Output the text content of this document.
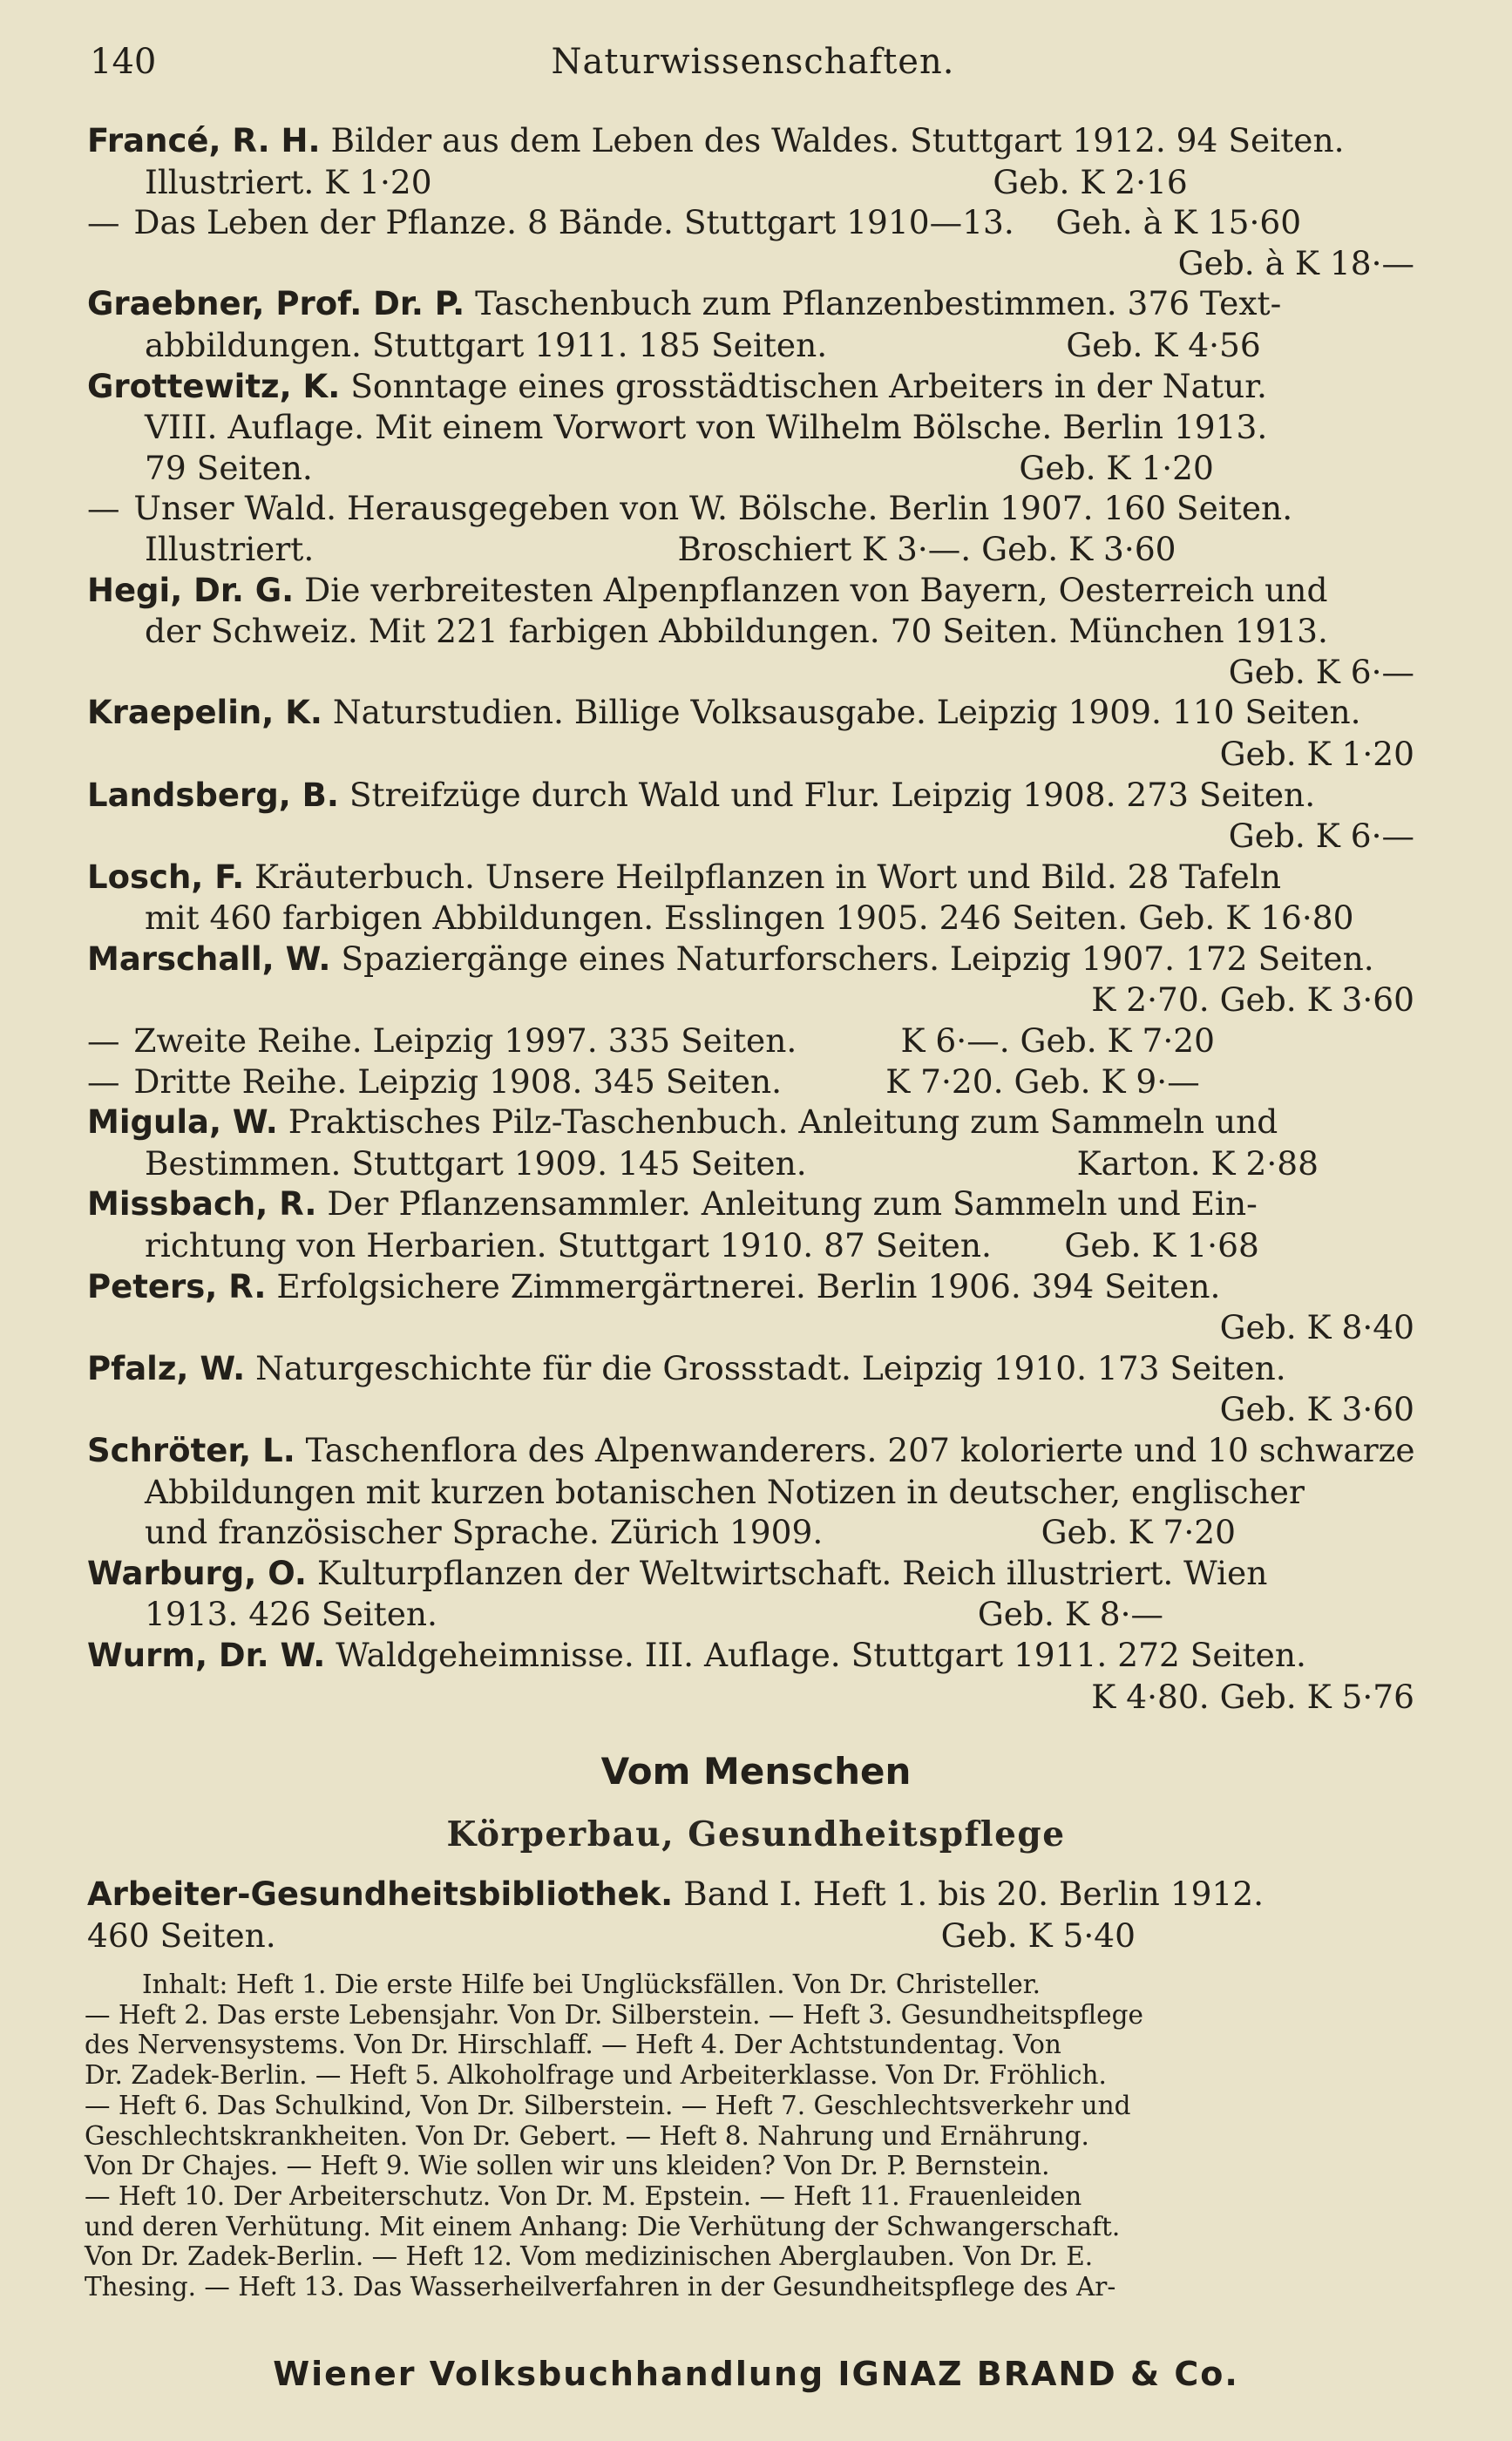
140	Naturwissenschaften.
Francé, R. H. Bilder aus dem Leben des Waldes. Stuttgart 1912. 94 Seiten.
Illustriert. K 1·20                                                      Geb. K 2·16
— Das Leben der Pflanze. 8 Bände. Stuttgart 1910—13.    Geh. à K 15·60
Geb. à K 18·—
Graebner, Prof. Dr. P. Taschenbuch zum Pflanzenbestimmen. 376 Text-
abbildungen. Stuttgart 1911. 185 Seiten.                       Geb. K 4·56
Grottewitz, K. Sonntage eines grosstädtischen Arbeiters in der Natur.
VIII. Auflage. Mit einem Vorwort von Wilhelm Bölsche. Berlin 1913.
79 Seiten.                                                                    Geb. K 1·20
— Unser Wald. Herausgegeben von W. Bölsche. Berlin 1907. 160 Seiten.
Illustriert.                                   Broschiert K 3·—. Geb. K 3·60
Hegi, Dr. G. Die verbreitesten Alpenpflanzen von Bayern, Oesterreich und
der Schweiz. Mit 221 farbigen Abbildungen. 70 Seiten. München 1913.
Geb. K 6·—
Kraepelin, K. Naturstudien. Billige Volksausgabe. Leipzig 1909. 110 Seiten.
Geb. K 1·20
Landsberg, B. Streifzüge durch Wald und Flur. Leipzig 1908. 273 Seiten.
Geb. K 6·—
Losch, F. Kräuterbuch. Unsere Heilpflanzen in Wort und Bild. 28 Tafeln
mit 460 farbigen Abbildungen. Esslingen 1905. 246 Seiten. Geb. K 16·80
Marschall, W. Spaziergänge eines Naturforschers. Leipzig 1907. 172 Seiten.
K 2·70. Geb. K 3·60
— Zweite Reihe. Leipzig 1997. 335 Seiten.          K 6·—. Geb. K 7·20
— Dritte Reihe. Leipzig 1908. 345 Seiten.          K 7·20. Geb. K 9·—
Migula, W. Praktisches Pilz-Taschenbuch. Anleitung zum Sammeln und
Bestimmen. Stuttgart 1909. 145 Seiten.                          Karton. K 2·88
Missbach, R. Der Pflanzensammler. Anleitung zum Sammeln und Ein-
richtung von Herbarien. Stuttgart 1910. 87 Seiten.       Geb. K 1·68
Peters, R. Erfolgsichere Zimmergärtnerei. Berlin 1906. 394 Seiten.
Geb. K 8·40
Pfalz, W. Naturgeschichte für die Grossstadt. Leipzig 1910. 173 Seiten.
Geb. K 3·60
Schröter, L. Taschenflora des Alpenwanderers. 207 kolorierte und 10 schwarze
Abbildungen mit kurzen botanischen Notizen in deutscher, englischer
und französischer Sprache. Zürich 1909.                     Geb. K 7·20
Warburg, O. Kulturpflanzen der Weltwirtschaft. Reich illustriert. Wien
1913. 426 Seiten.                                                    Geb. K 8·—
Wurm, Dr. W. Waldgeheimnisse. III. Auflage. Stuttgart 1911. 272 Seiten.
K 4·80. Geb. K 5·76
Vom Menschen
Körperbau, Gesundheitspflege
Arbeiter-Gesundheitsbibliothek. Band I. Heft 1. bis 20. Berlin 1912.
460 Seiten.                                                                Geb. K 5·40
Inhalt: Heft 1. Die erste Hilfe bei Unglücksfällen. Von Dr. Christeller.
— Heft 2. Das erste Lebensjahr. Von Dr. Silberstein. — Heft 3. Gesundheitspflege
des Nervensystems. Von Dr. Hirschlaff. — Heft 4. Der Achtstundentag. Von
Dr. Zadek-Berlin. — Heft 5. Alkoholfrage und Arbeiterklasse. Von Dr. Fröhlich.
— Heft 6. Das Schulkind, Von Dr. Silberstein. — Heft 7. Geschlechtsverkehr und
Geschlechtskrankheiten. Von Dr. Gebert. — Heft 8. Nahrung und Ernährung.
Von Dr Chajes. — Heft 9. Wie sollen wir uns kleiden? Von Dr. P. Bernstein.
— Heft 10. Der Arbeiterschutz. Von Dr. M. Epstein. — Heft 11. Frauenleiden
und deren Verhütung. Mit einem Anhang: Die Verhütung der Schwangerschaft.
Von Dr. Zadek-Berlin. — Heft 12. Vom medizinischen Aberglauben. Von Dr. E.
Thesing. — Heft 13. Das Wasserheilverfahren in der Gesundheitspflege des Ar-
Wiener Volksbuchhandlung IGNAZ BRAND & Co.
